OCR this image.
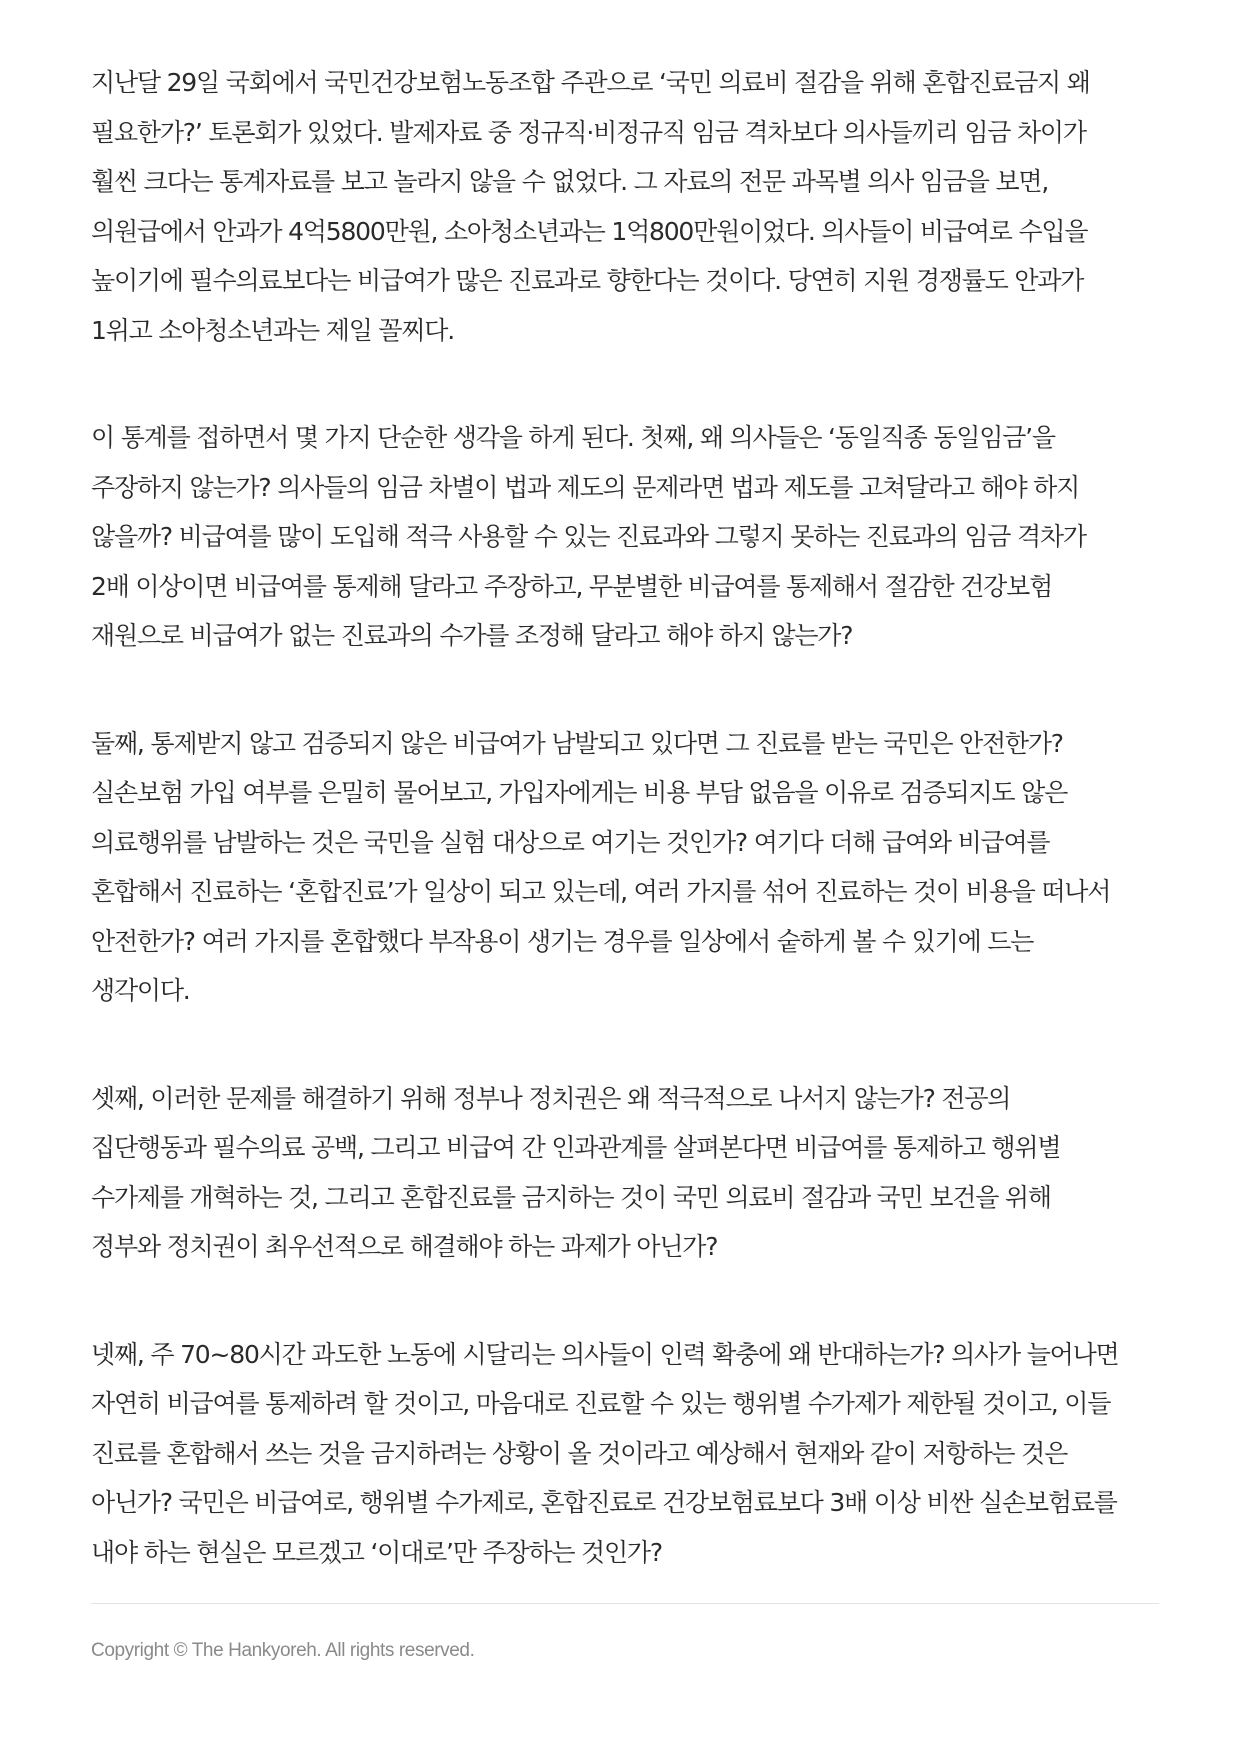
지난달 29일 국회에서 국민건강보험노동조합 주관으로 ‘국민 의료비 절감을 위해 혼합진료금지 왜
필요한가?’ 토론회가 있었다. 발제자료 중 정규직·비정규직 임금 격차보다 의사들끼리 임금 차이가
훨씬 크다는 통계자료를 보고 놀라지 않을 수 없었다. 그 자료의 전문 과목별 의사 임금을 보면,
의원급에서 안과가 4억5800만원, 소아청소년과는 1억800만원이었다. 의사들이 비급여로 수입을
높이기에 필수의료보다는 비급여가 많은 진료과로 향한다는 것이다. 당연히 지원 경쟁률도 안과가
1위고 소아청소년과는 제일 꼴찌다.

이 통계를 접하면서 몇 가지 단순한 생각을 하게 된다. 첫째, 왜 의사들은 ‘동일직종 동일임금’을
주장하지 않는가? 의사들의 임금 차별이 법과 제도의 문제라면 법과 제도를 고쳐달라고 해야 하지
않을까? 비급여를 많이 도입해 적극 사용할 수 있는 진료과와 그렇지 못하는 진료과의 임금 격차가
2배 이상이면 비급여를 통제해 달라고 주장하고, 무분별한 비급여를 통제해서 절감한 건강보험
재원으로 비급여가 없는 진료과의 수가를 조정해 달라고 해야 하지 않는가?

둘째, 통제받지 않고 검증되지 않은 비급여가 남발되고 있다면 그 진료를 받는 국민은 안전한가?
실손보험 가입 여부를 은밀히 물어보고, 가입자에게는 비용 부담 없음을 이유로 검증되지도 않은
의료행위를 남발하는 것은 국민을 실험 대상으로 여기는 것인가? 여기다 더해 급여와 비급여를
혼합해서 진료하는 ‘혼합진료’가 일상이 되고 있는데, 여러 가지를 섞어 진료하는 것이 비용을 떠나서
안전한가? 여러 가지를 혼합했다 부작용이 생기는 경우를 일상에서 숱하게 볼 수 있기에 드는
생각이다.

셋째, 이러한 문제를 해결하기 위해 정부나 정치권은 왜 적극적으로 나서지 않는가? 전공의
집단행동과 필수의료 공백, 그리고 비급여 간 인과관계를 살펴본다면 비급여를 통제하고 행위별
수가제를 개혁하는 것, 그리고 혼합진료를 금지하는 것이 국민 의료비 절감과 국민 보건을 위해
정부와 정치권이 최우선적으로 해결해야 하는 과제가 아닌가?

넷째, 주 70~80시간 과도한 노동에 시달리는 의사들이 인력 확충에 왜 반대하는가? 의사가 늘어나면
자연히 비급여를 통제하려 할 것이고, 마음대로 진료할 수 있는 행위별 수가제가 제한될 것이고, 이들
진료를 혼합해서 쓰는 것을 금지하려는 상황이 올 것이라고 예상해서 현재와 같이 저항하는 것은
아닌가? 국민은 비급여로, 행위별 수가제로, 혼합진료로 건강보험료보다 3배 이상 비싼 실손보험료를
내야 하는 현실은 모르겠고 ‘이대로’만 주장하는 것인가?

Copyright © The Hankyoreh. All rights reserved.
